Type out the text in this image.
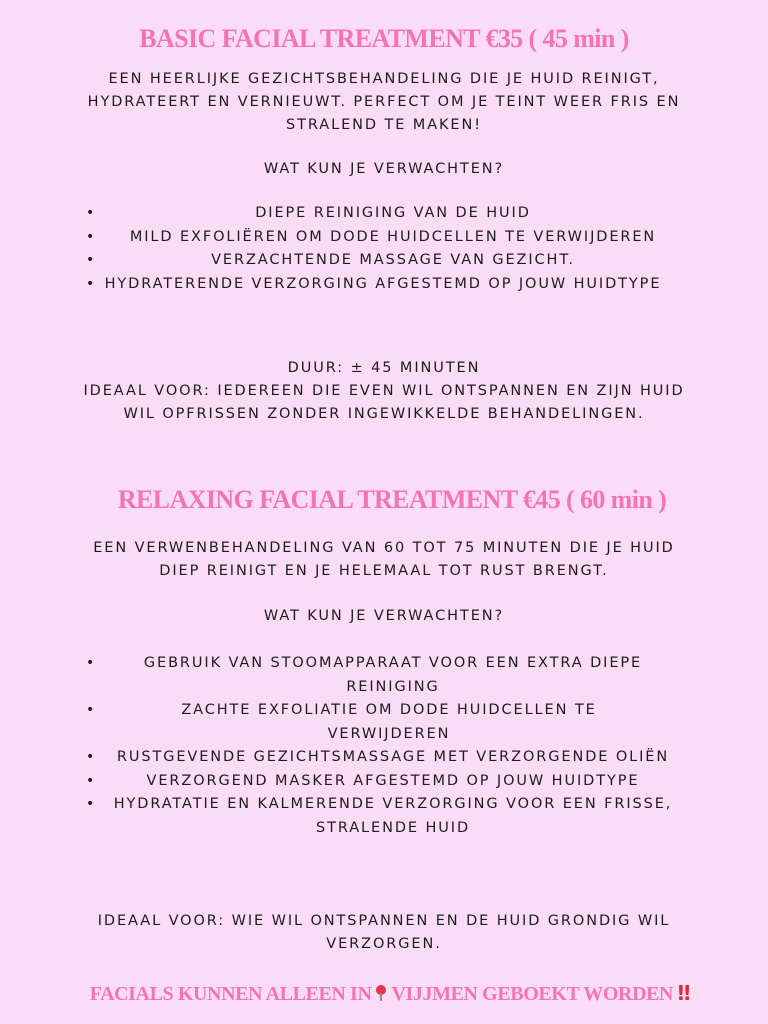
BASIC FACIAL TREATMENT €35 ( 45 min )

EEN HEERLIJKE GEZICHTSBEHANDELING DIE JE HUID REINIGT, HYDRATEERT EN VERNIEUWT. PERFECT OM JE TEINT WEER FRIS EN STRALEND TE MAKEN!

WAT KUN JE VERWACHTEN?

•	DIEPE REINIGING VAN DE HUID
• MILD EXFOLIËREN OM DODE HUIDCELLEN TE VERWIJDEREN
•	VERZACHTENDE MASSAGE VAN GEZICHT.
• HYDRATERENDE VERZORGING AFGESTEMD OP JOUW HUIDTYPE

DUUR: ± 45 MINUTEN

IDEAAL VOOR: IEDEREEN DIE EVEN WIL ONTSPANNEN EN ZIJN HUID WIL OPFRISSEN ZONDER INGEWIKKELDE BEHANDELINGEN.

RELAXING FACIAL TREATMENT €45 ( 60 min )

EEN VERWENBEHANDELING VAN 60 TOT 75 MINUTEN DIE JE HUID DIEP REINIGT EN JE HELEMAAL TOT RUST BRENGT.

WAT KUN JE VERWACHTEN?

•	GEBRUIK VAN STOOMAPPARAAT VOOR EEN EXTRA DIEPE REINIGING
•	ZACHTE EXFOLIATIE OM DODE HUIDCELLEN TE VERWIJDEREN
• RUSTGEVENDE GEZICHTSMASSAGE MET VERZORGENDE OLIËN
•	VERZORGEND MASKER AFGESTEMD OP JOUW HUIDTYPE
• HYDRATATIE EN KALMERENDE VERZORGING VOOR EEN FRISSE, STRALENDE HUID

IDEAAL VOOR: WIE WIL ONTSPANNEN EN DE HUID GRONDIG WIL VERZORGEN.

FACIALS KUNNEN ALLEEN IN VIJJMEN GEBOEKT WORDEN ‼
